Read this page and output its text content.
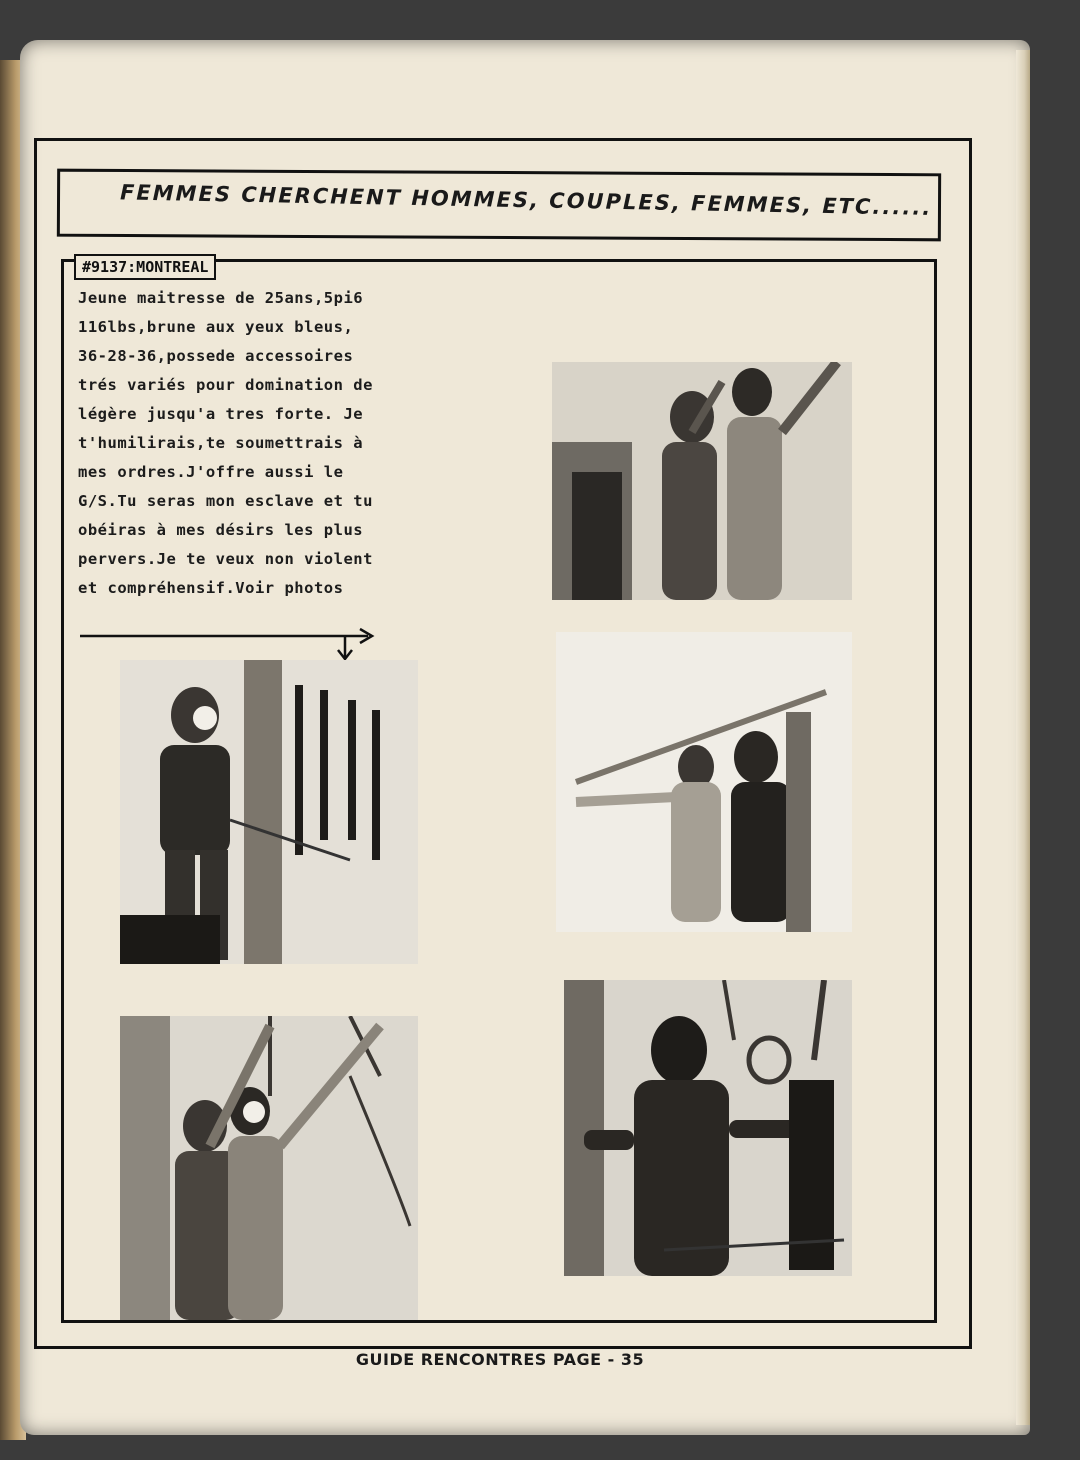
FEMMES CHERCHENT HOMMES, COUPLES, FEMMES, ETC......
#9137:MONTREAL
Jeune maitresse de 25ans,5pi6
116lbs,brune aux yeux bleus,
36-28-36,possede accessoires
trés variés pour domination de
légère jusqu'a tres forte. Je
t'humilirais,te soumettrais à
mes ordres.J'offre aussi le
G/S.Tu seras mon esclave et tu
obéiras à mes désirs les plus
pervers.Je te veux non violent
et compréhensif.Voir photos
GUIDE RENCONTRES PAGE - 35
